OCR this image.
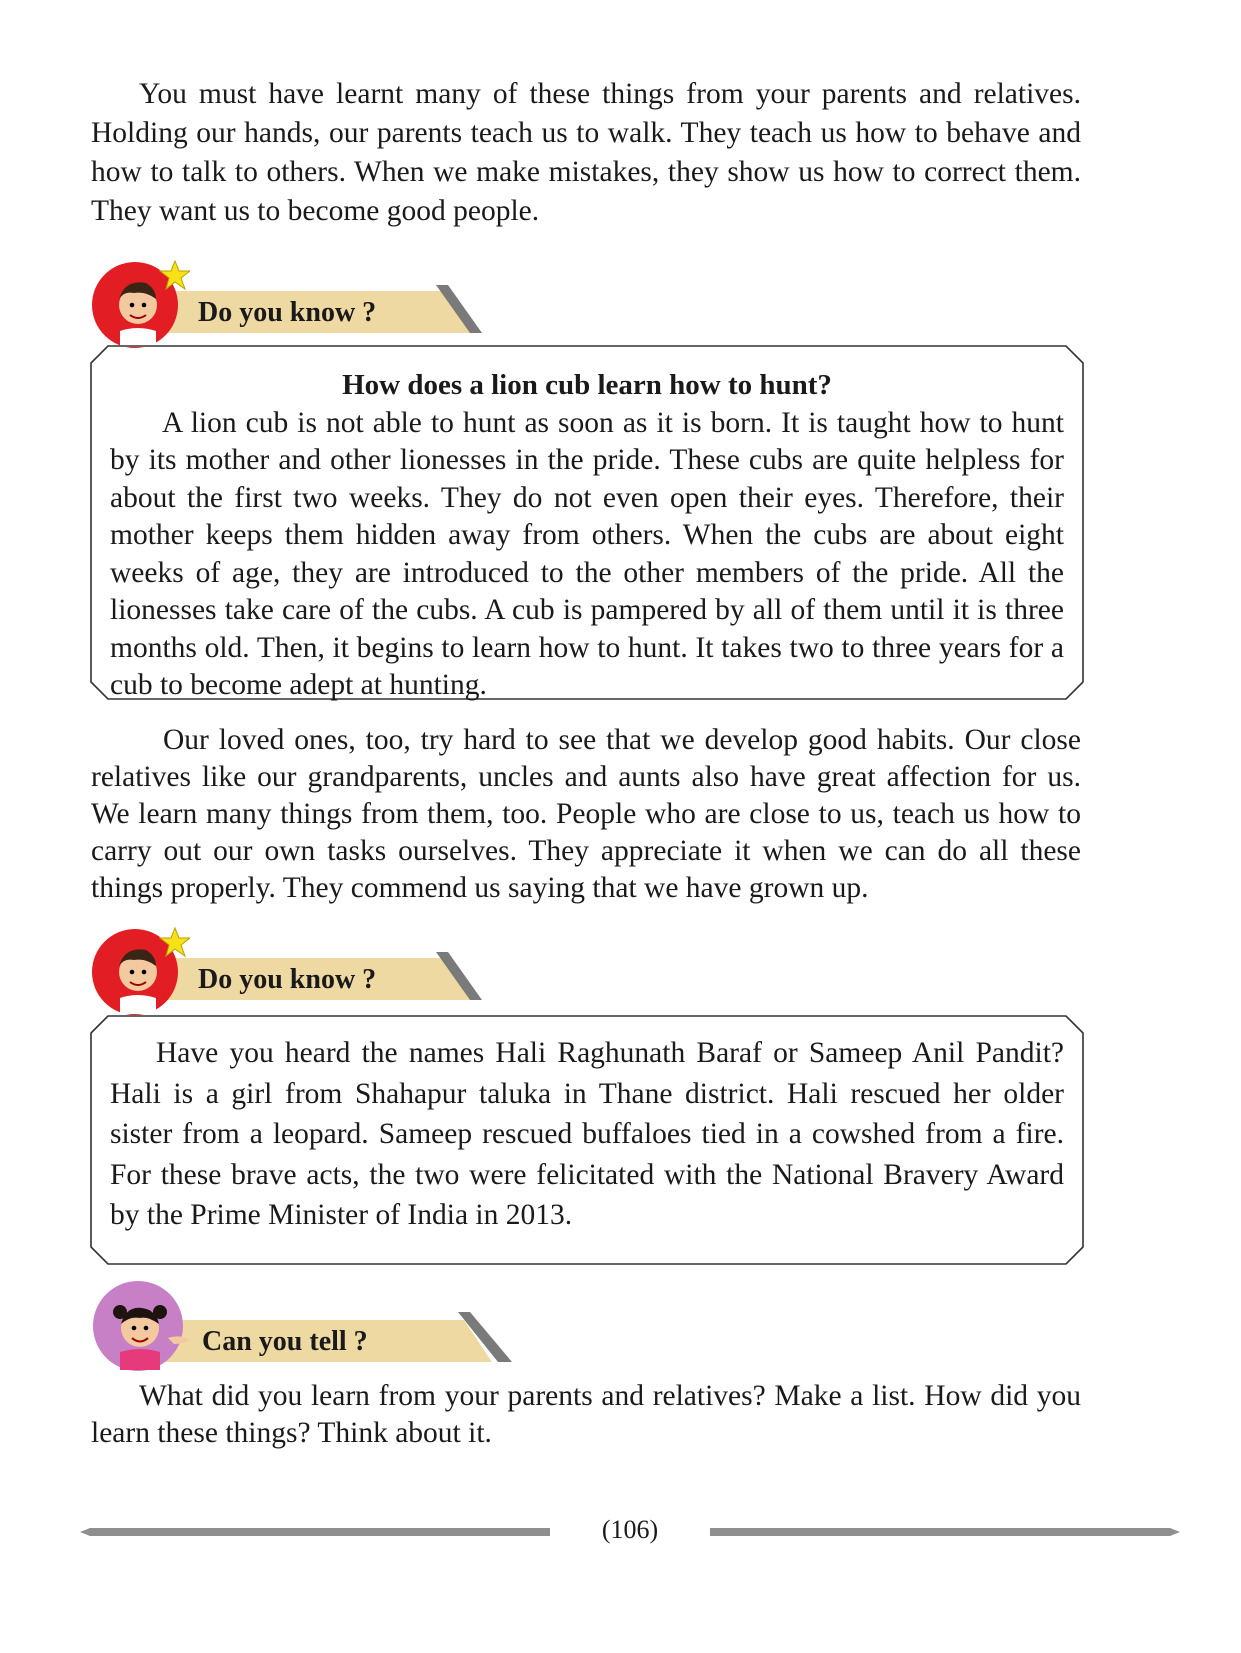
You must have learnt many of these things from your parents and relatives. Holding our hands, our parents teach us to walk. They teach us how to behave and how to talk to others. When we make mistakes, they show us how to correct them. They want us to become good people.

Do you know ?
How does a lion cub learn how to hunt?
A lion cub is not able to hunt as soon as it is born. It is taught how to hunt by its mother and other lionesses in the pride. These cubs are quite helpless for about the first two weeks. They do not even open their eyes. Therefore, their mother keeps them hidden away from others. When the cubs are about eight weeks of age, they are introduced to the other members of the pride. All the lionesses take care of the cubs. A cub is pampered by all of them until it is three months old. Then, it begins to learn how to hunt. It takes two to three years for a cub to become adept at hunting.

Our loved ones, too, try hard to see that we develop good habits. Our close relatives like our grandparents, uncles and aunts also have great affection for us. We learn many things from them, too. People who are close to us, teach us how to carry out our own tasks ourselves. They appreciate it when we can do all these things properly. They commend us saying that we have grown up.

Do you know ?
Have you heard the names Hali Raghunath Baraf or Sameep Anil Pandit? Hali is a girl from Shahapur taluka in Thane district. Hali rescued her older sister from a leopard. Sameep rescued buffaloes tied in a cowshed from a fire. For these brave acts, the two were felicitated with the National Bravery Award by the Prime Minister of India in 2013.
Can you tell ?

What did you learn from your parents and relatives? Make a list. How did you learn these things? Think about it.

(106)
